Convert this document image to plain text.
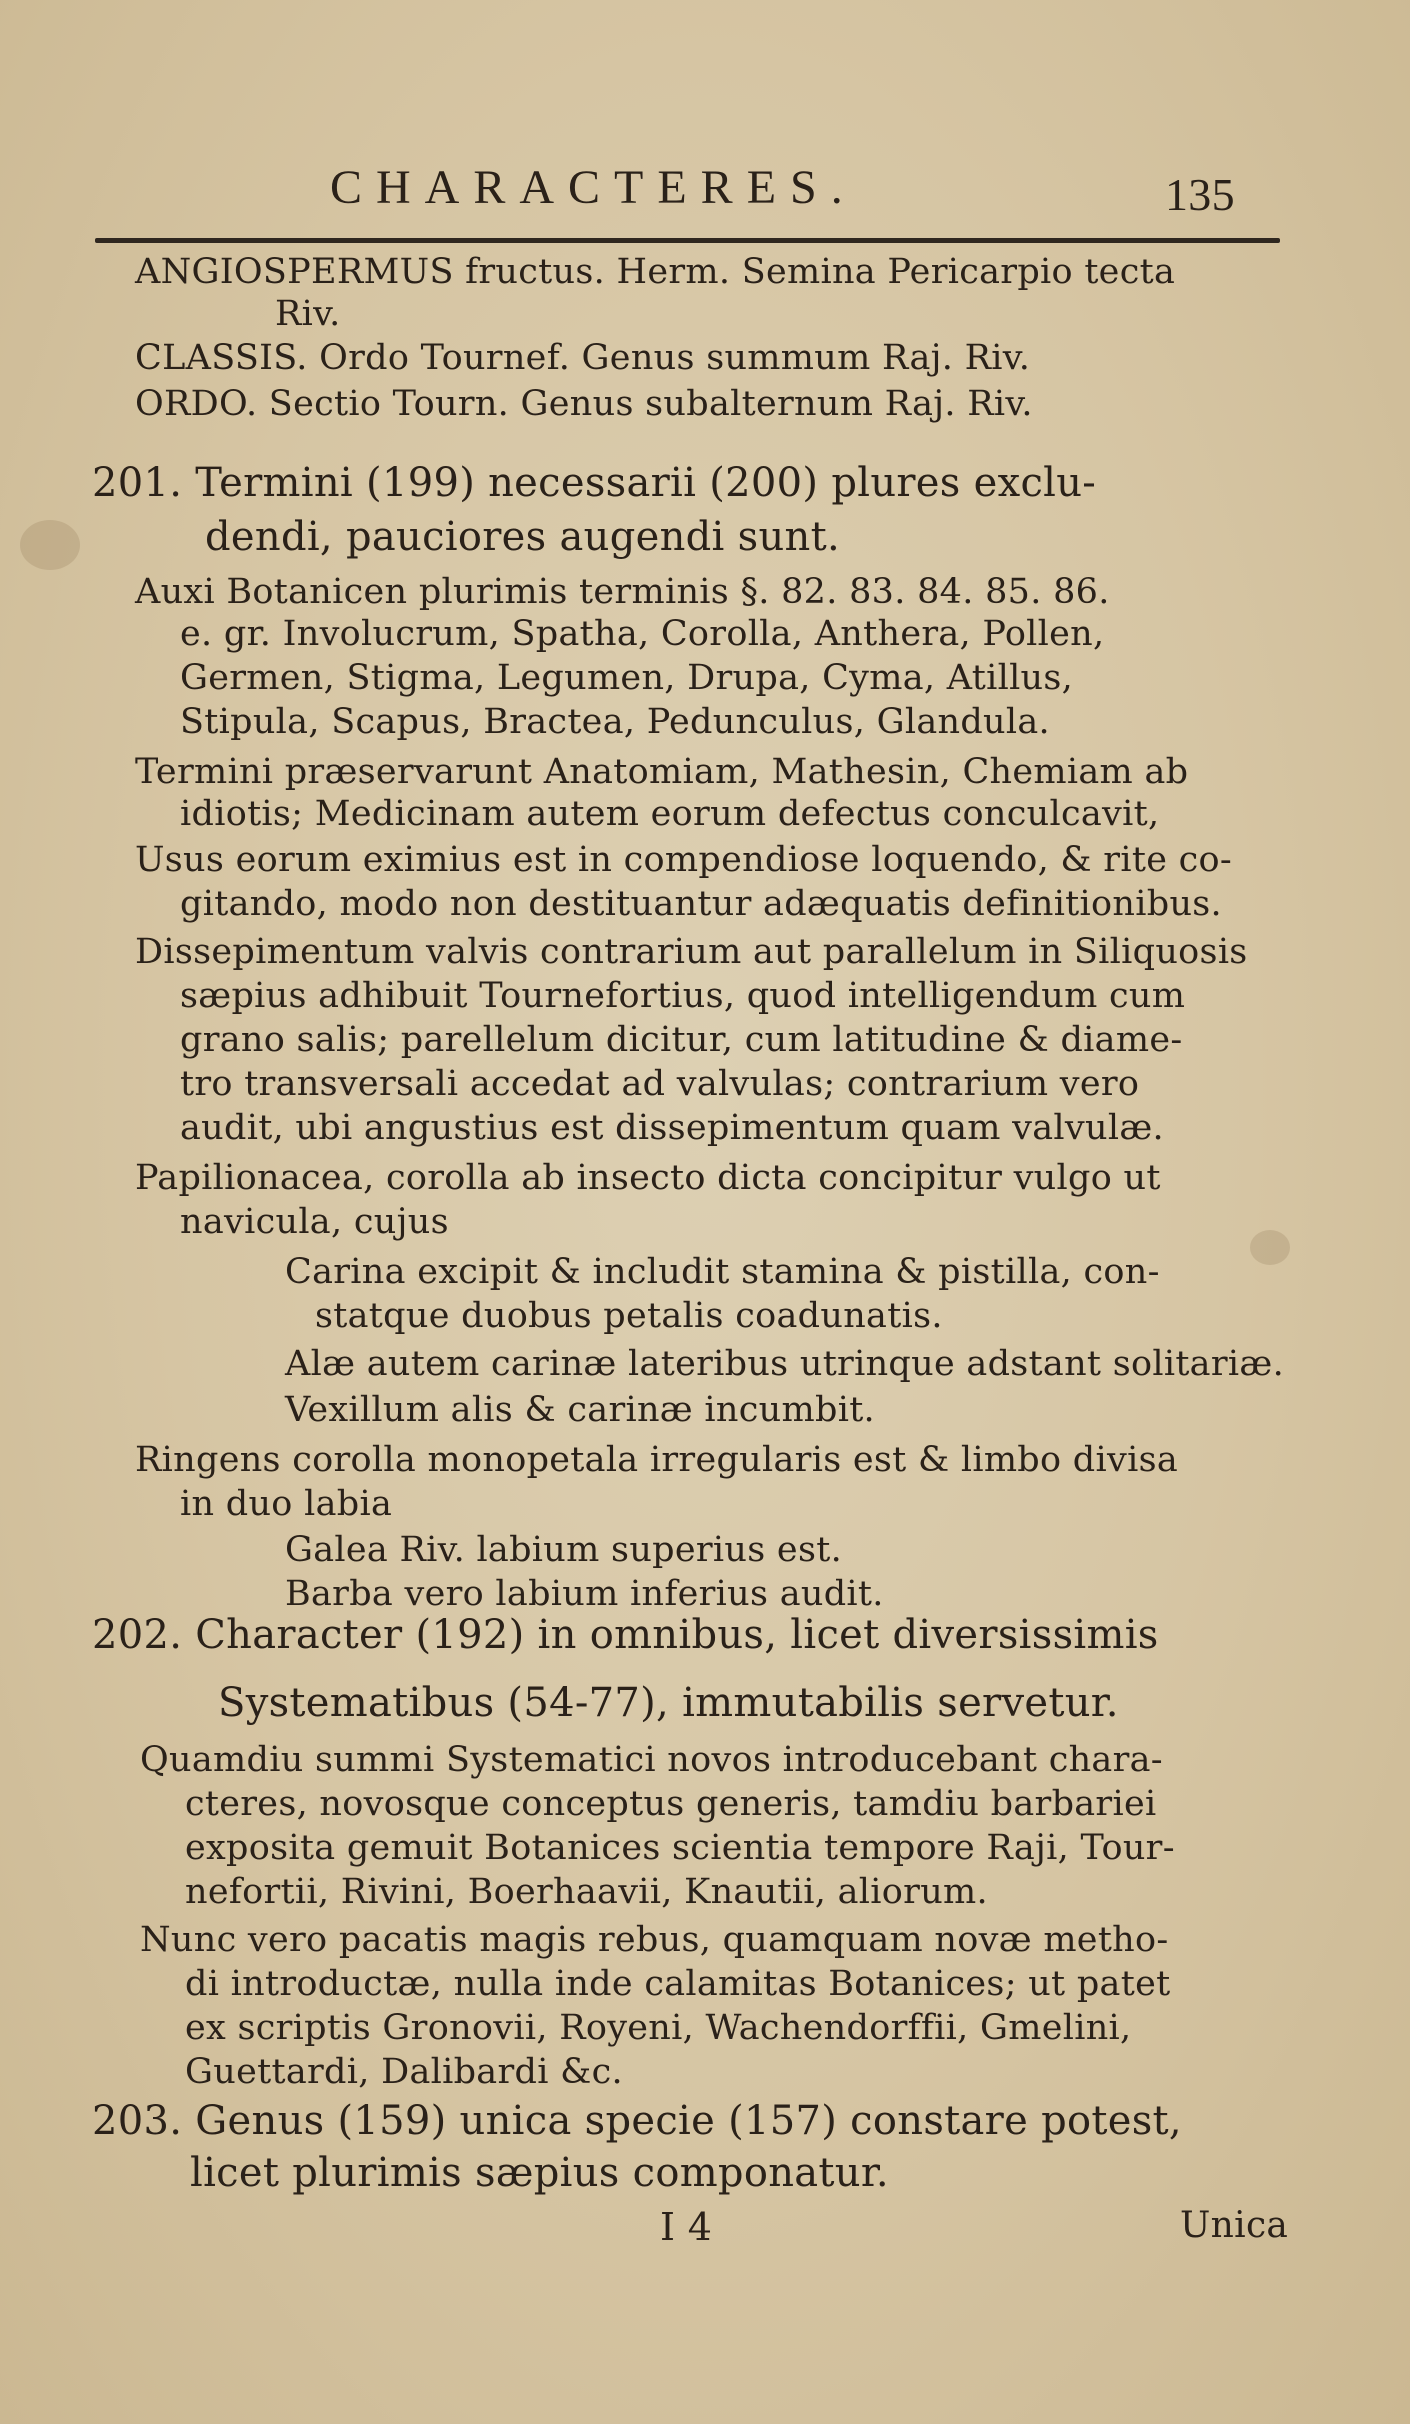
CHARACTERES.	135
ANGIOSPERMUS fructus. Herm. Semina Pericarpio tecta
Riv.
CLASSIS. Ordo Tournef. Genus summum Raj. Riv.
ORDO. Sectio Tourn. Genus subalternum Raj. Riv.
201. Termini (199) necessarii (200) plures exclu-
dendi, pauciores augendi sunt.
Auxi Botanicen plurimis terminis §. 82. 83. 84. 85. 86.
e. gr. Involucrum, Spatha, Corolla, Anthera, Pollen,
Germen, Stigma, Legumen, Drupa, Cyma, Atillus,
Stipula, Scapus, Bractea, Pedunculus, Glandula.
Termini præservarunt Anatomiam, Mathesin, Chemiam ab
idiotis; Medicinam autem eorum defectus conculcavit,
Usus eorum eximius est in compendiose loquendo, & rite co-
gitando, modo non destituantur adæquatis definitionibus.
Dissepimentum valvis contrarium aut parallelum in Siliquosis
sæpius adhibuit Tournefortius, quod intelligendum cum
grano salis; parellelum dicitur, cum latitudine & diame-
tro transversali accedat ad valvulas; contrarium vero
audit, ubi angustius est dissepimentum quam valvulæ.
Papilionacea, corolla ab insecto dicta concipitur vulgo ut
navicula, cujus
Carina excipit & includit stamina & pistilla, con-
statque duobus petalis coadunatis.
Alæ autem carinæ lateribus utrinque adstant solitariæ.
Vexillum alis & carinæ incumbit.
Ringens corolla monopetala irregularis est & limbo divisa
in duo labia
Galea Riv. labium superius est.
Barba vero labium inferius audit.
202. Character (192) in omnibus, licet diversissimis
Systematibus (54-77), immutabilis servetur.
Quamdiu summi Systematici novos introducebant chara-
cteres, novosque conceptus generis, tamdiu barbariei
exposita gemuit Botanices scientia tempore Raji, Tour-
nefortii, Rivini, Boerhaavii, Knautii, aliorum.
Nunc vero pacatis magis rebus, quamquam novæ metho-
di introductæ, nulla inde calamitas Botanices; ut patet
ex scriptis Gronovii, Royeni, Wachendorffii, Gmelini,
Guettardi, Dalibardi &c.
203. Genus (159) unica specie (157) constare potest,
licet plurimis sæpius componatur.
I 4	Unica
